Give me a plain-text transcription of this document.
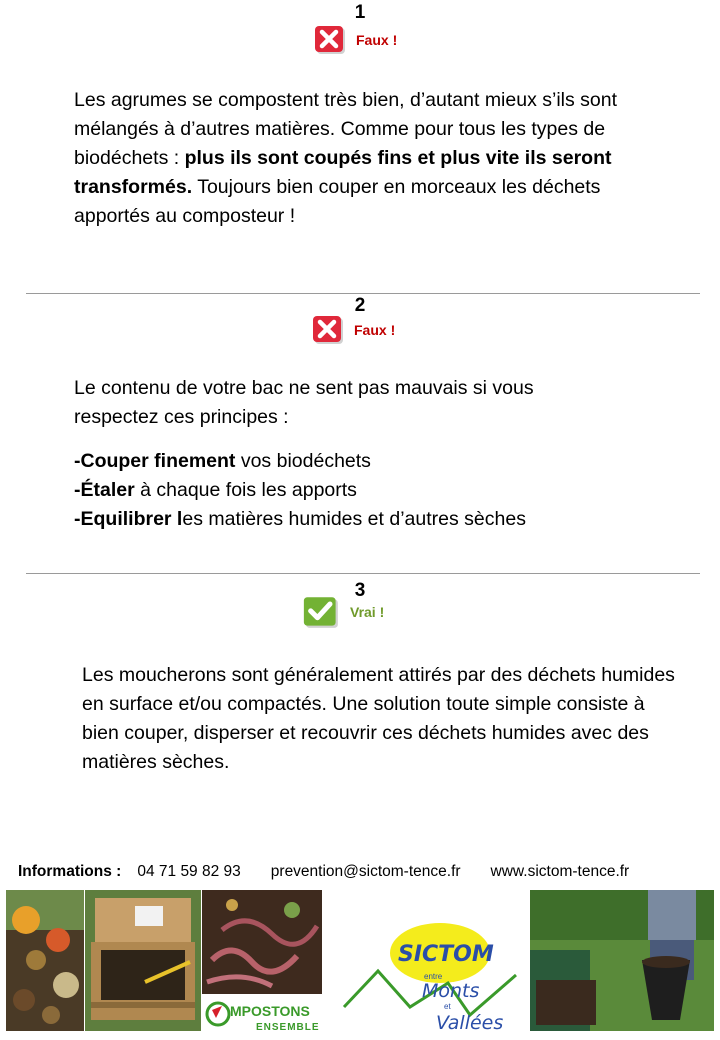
1
Faux !

Les agrumes se compostent très bien, d’autant mieux s’ils sont mélangés à d’autres matières. Comme pour tous les types de biodéchets : plus ils sont coupés fins et plus vite ils seront transformés. Toujours bien couper en morceaux les déchets apportés au composteur !

2
Faux !

Le contenu de votre bac ne sent pas mauvais si vous respectez ces principes :

-Couper finement vos biodéchets
-Étaler à chaque fois les apports
-Equilibrer les matières humides et d’autres sèches
3
Vrai !

Les moucherons sont généralement attirés par des déchets humides en surface et/ou compactés. Une solution toute simple consiste à bien couper, disperser et recouvrir ces déchets humides avec des matières sèches.

Informations : 04 71 59 82 93 prevention@sictom-tence.fr www.sictom-tence.fr
MPOSTONS
ENSEMBLE
SICTOM
entre
Monts
et
Vallées
